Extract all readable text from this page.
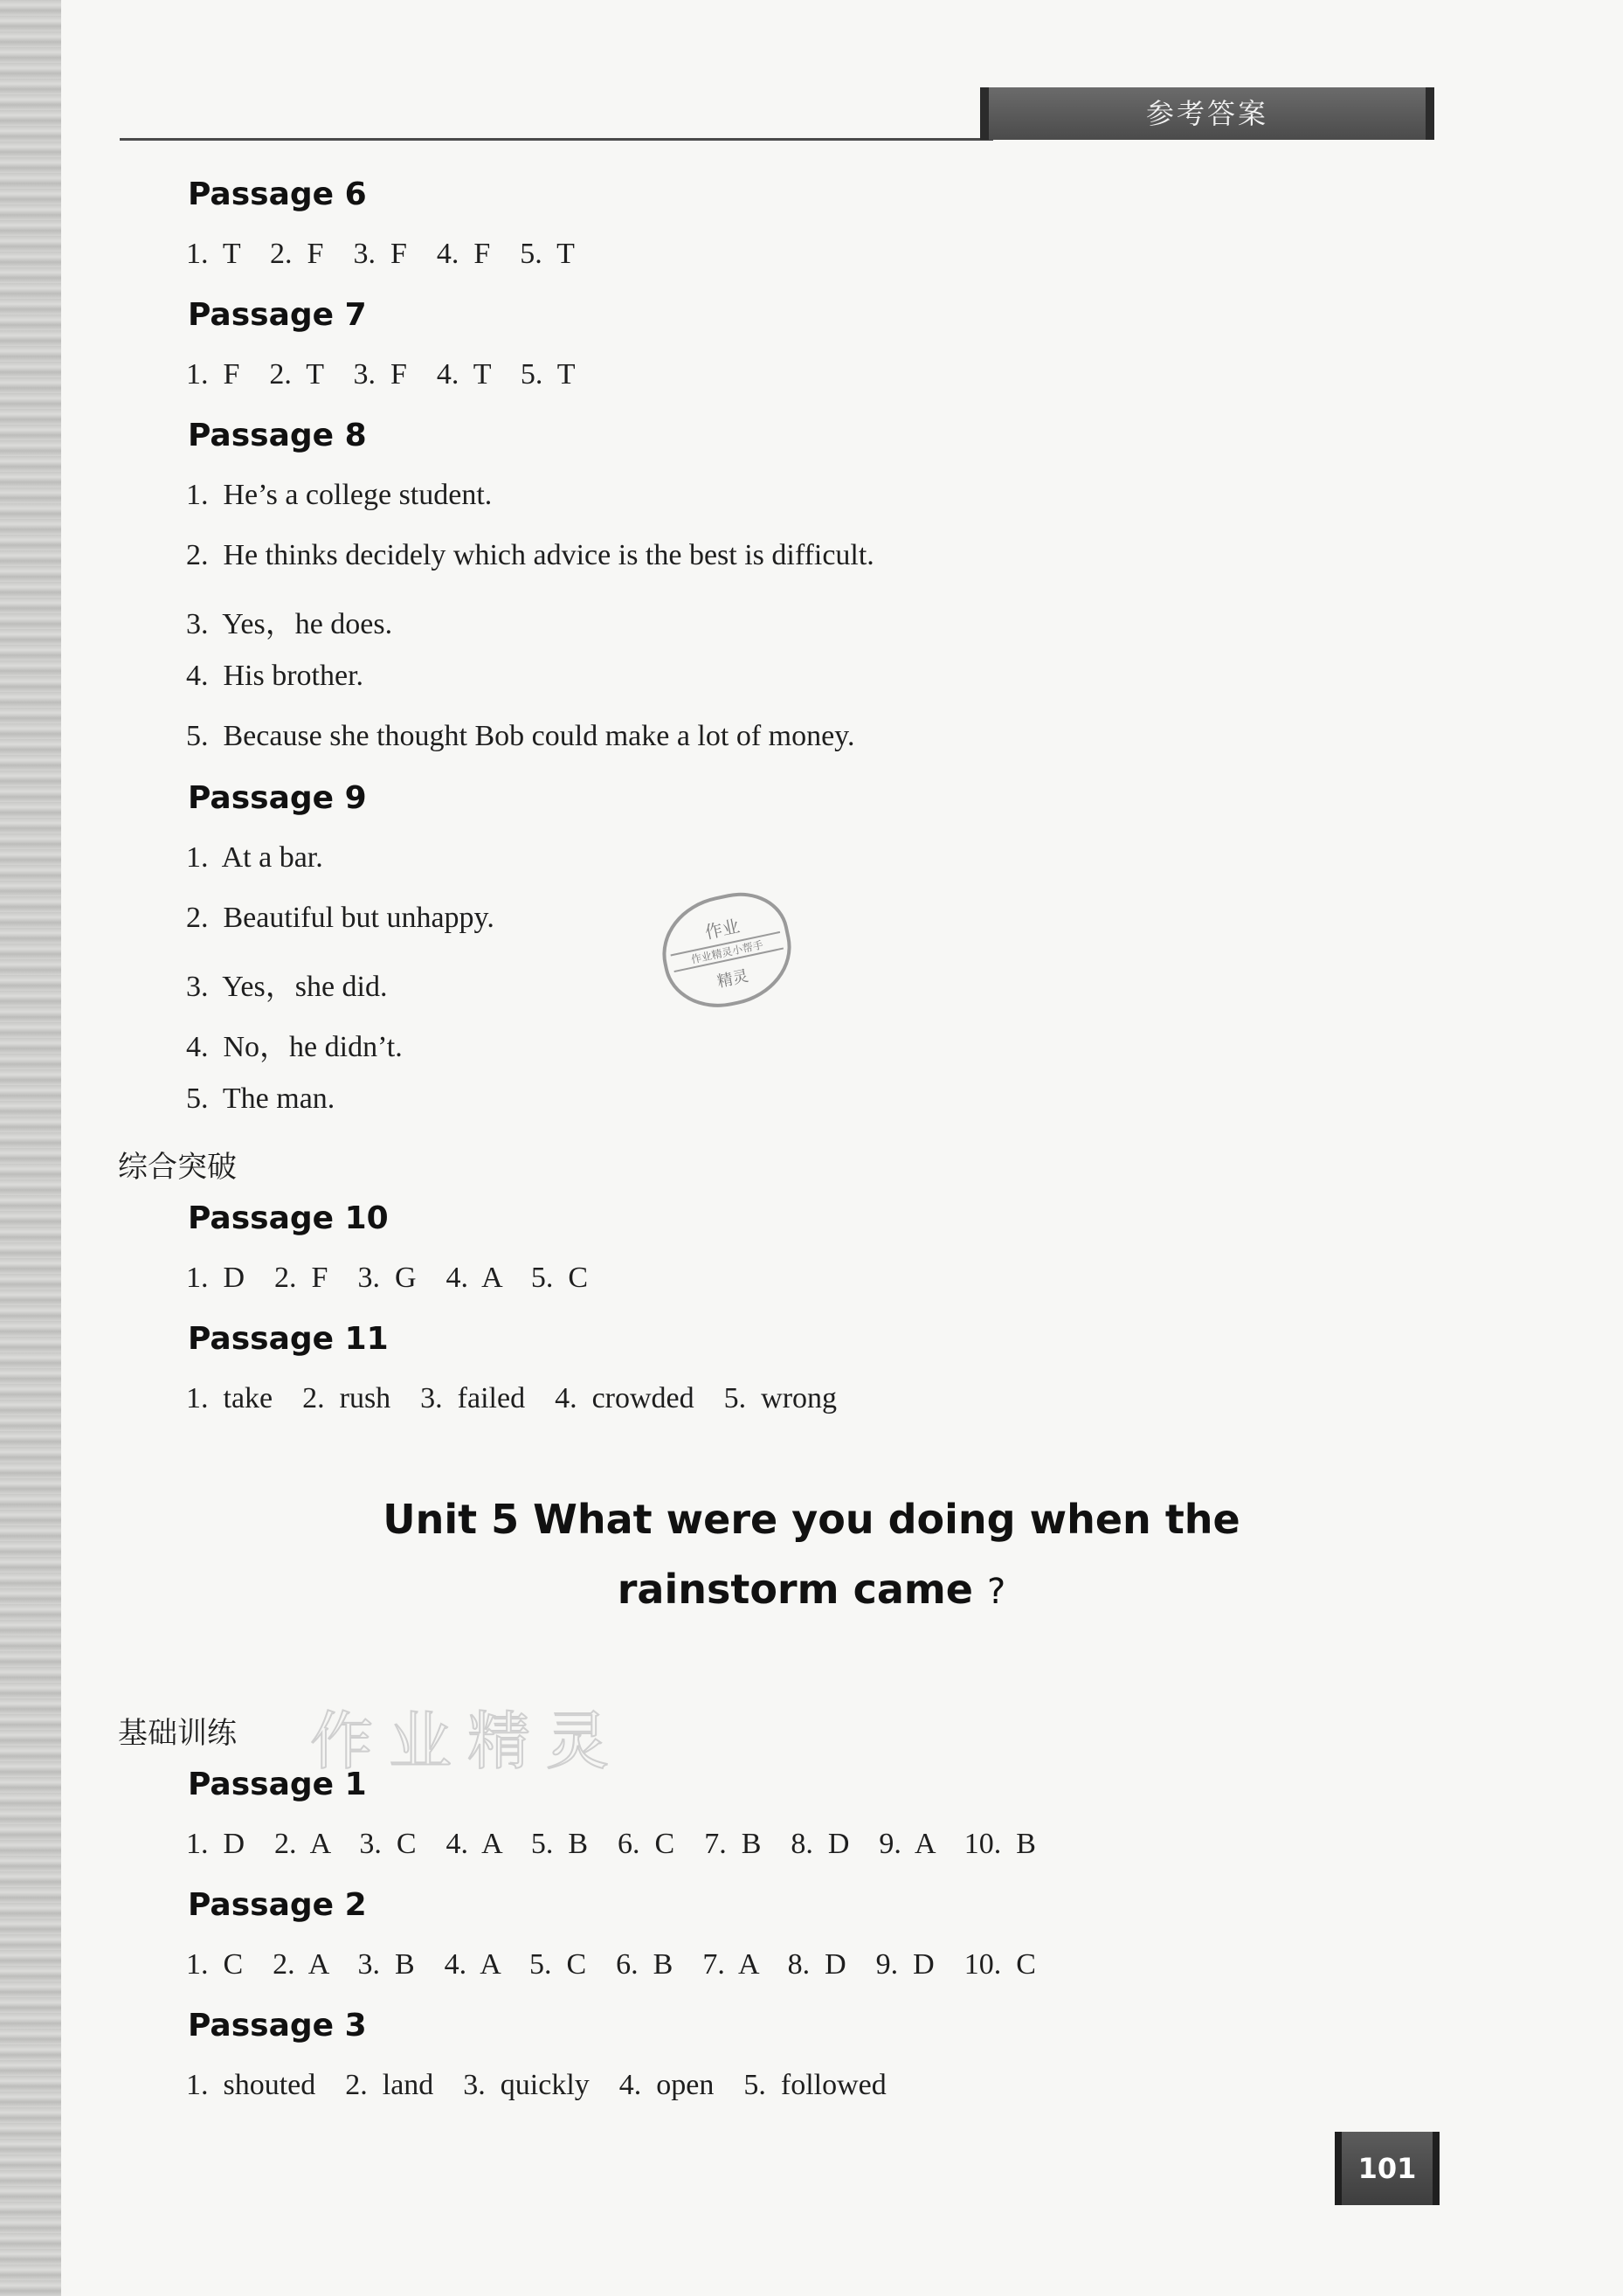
参考答案
Passage 6
1.  T    2.  F    3.  F    4.  F    5.  T
Passage 7
1.  F    2.  T    3.  F    4.  T    5.  T
Passage 8
1.  He’s a college student.
2.  He thinks decidely which advice is the best is difficult.
3.  Yes，he does.
4.  His brother.
5.  Because she thought Bob could make a lot of money.
Passage 9
1.  At a bar.
2.  Beautiful but unhappy.
3.  Yes，she did.
4.  No，he didn’t.
5.  The man.
作业
作业精灵小帮手
精灵
综合突破
Passage 10
1.  D    2.  F    3.  G    4.  A    5.  C
Passage 11
1.  take    2.  rush    3.  failed    4.  crowded    5.  wrong
Unit 5 What were you doing when the
rainstorm came ?
基础训练 作业精灵
Passage 1
1.  D    2.  A    3.  C    4.  A    5.  B    6.  C    7.  B    8.  D    9.  A    10.  B
Passage 2
1.  C    2.  A    3.  B    4.  A    5.  C    6.  B    7.  A    8.  D    9.  D    10.  C
Passage 3
1.  shouted    2.  land    3.  quickly    4.  open    5.  followed
101
